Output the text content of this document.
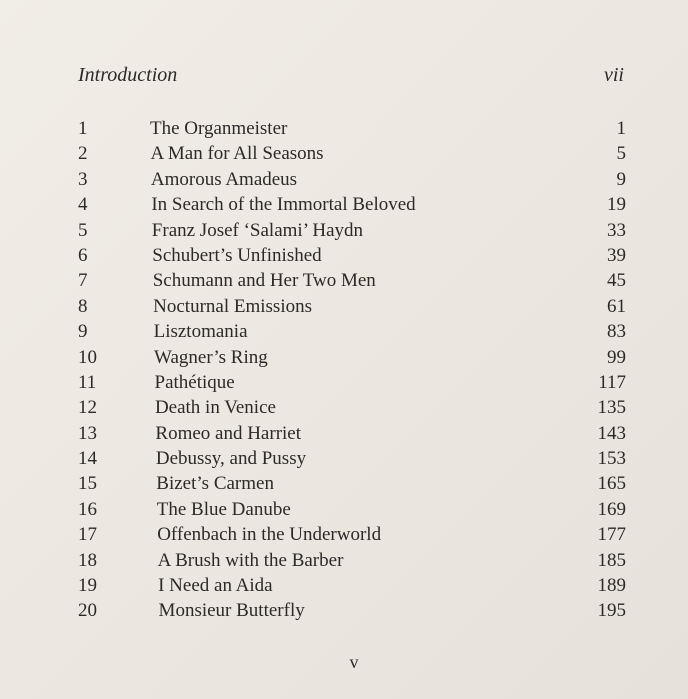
Introduction	vii
1	The Organmeister	1
2	A Man for All Seasons	5
3	Amorous Amadeus	9
4	In Search of the Immortal Beloved	19
5	Franz Josef ‘Salami’ Haydn	33
6	Schubert’s Unfinished	39
7	Schumann and Her Two Men	45
8	Nocturnal Emissions	61
9	Lisztomania	83
10	Wagner’s Ring	99
11	Pathétique	117
12	Death in Venice	135
13	Romeo and Harriet	143
14	Debussy, and Pussy	153
15	Bizet’s Carmen	165
16	The Blue Danube	169
17	Offenbach in the Underworld	177
18	A Brush with the Barber	185
19	I Need an Aida	189
20	Monsieur Butterfly	195
v
